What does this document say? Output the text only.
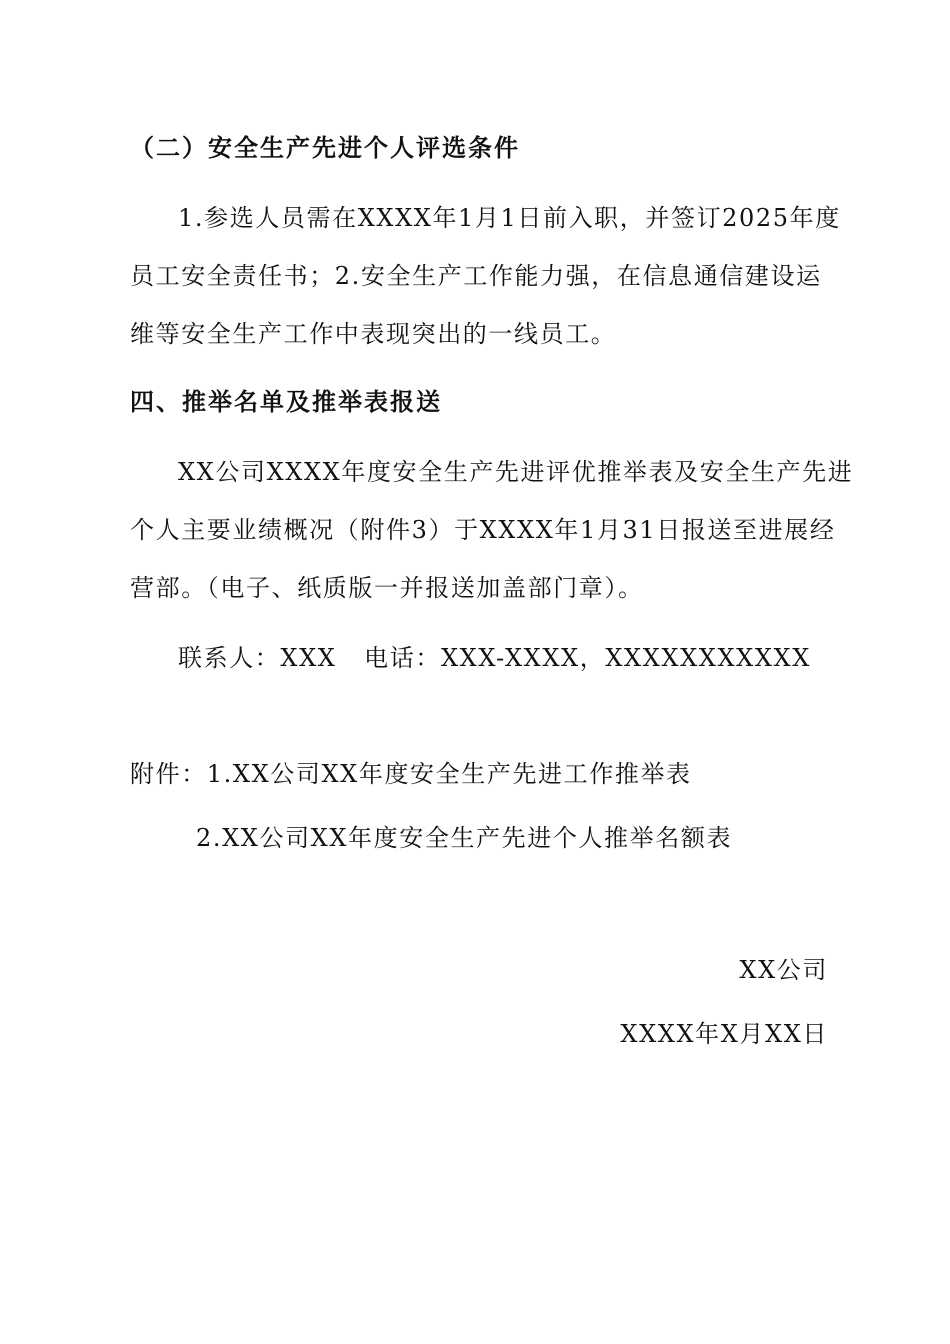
（二）安全生产先进个人评选条件
1.参选人员需在XXXX年1月1日前入职，并签订2025年度
员工安全责任书；2.安全生产工作能力强，在信息通信建设运
维等安全生产工作中表现突出的一线员工。
四、推举名单及推举表报送
XX公司XXXX年度安全生产先进评优推举表及安全生产先进
个人主要业绩概况（附件3）于XXXX年1月31日报送至进展经
营部。（电子、纸质版一并报送加盖部门章）。
联系人：XXX   电话：XXX-XXXX，XXXXXXXXXXX
附件：1.XX公司XX年度安全生产先进工作推举表
2.XX公司XX年度安全生产先进个人推举名额表
XX公司
XXXX年X月XX日
